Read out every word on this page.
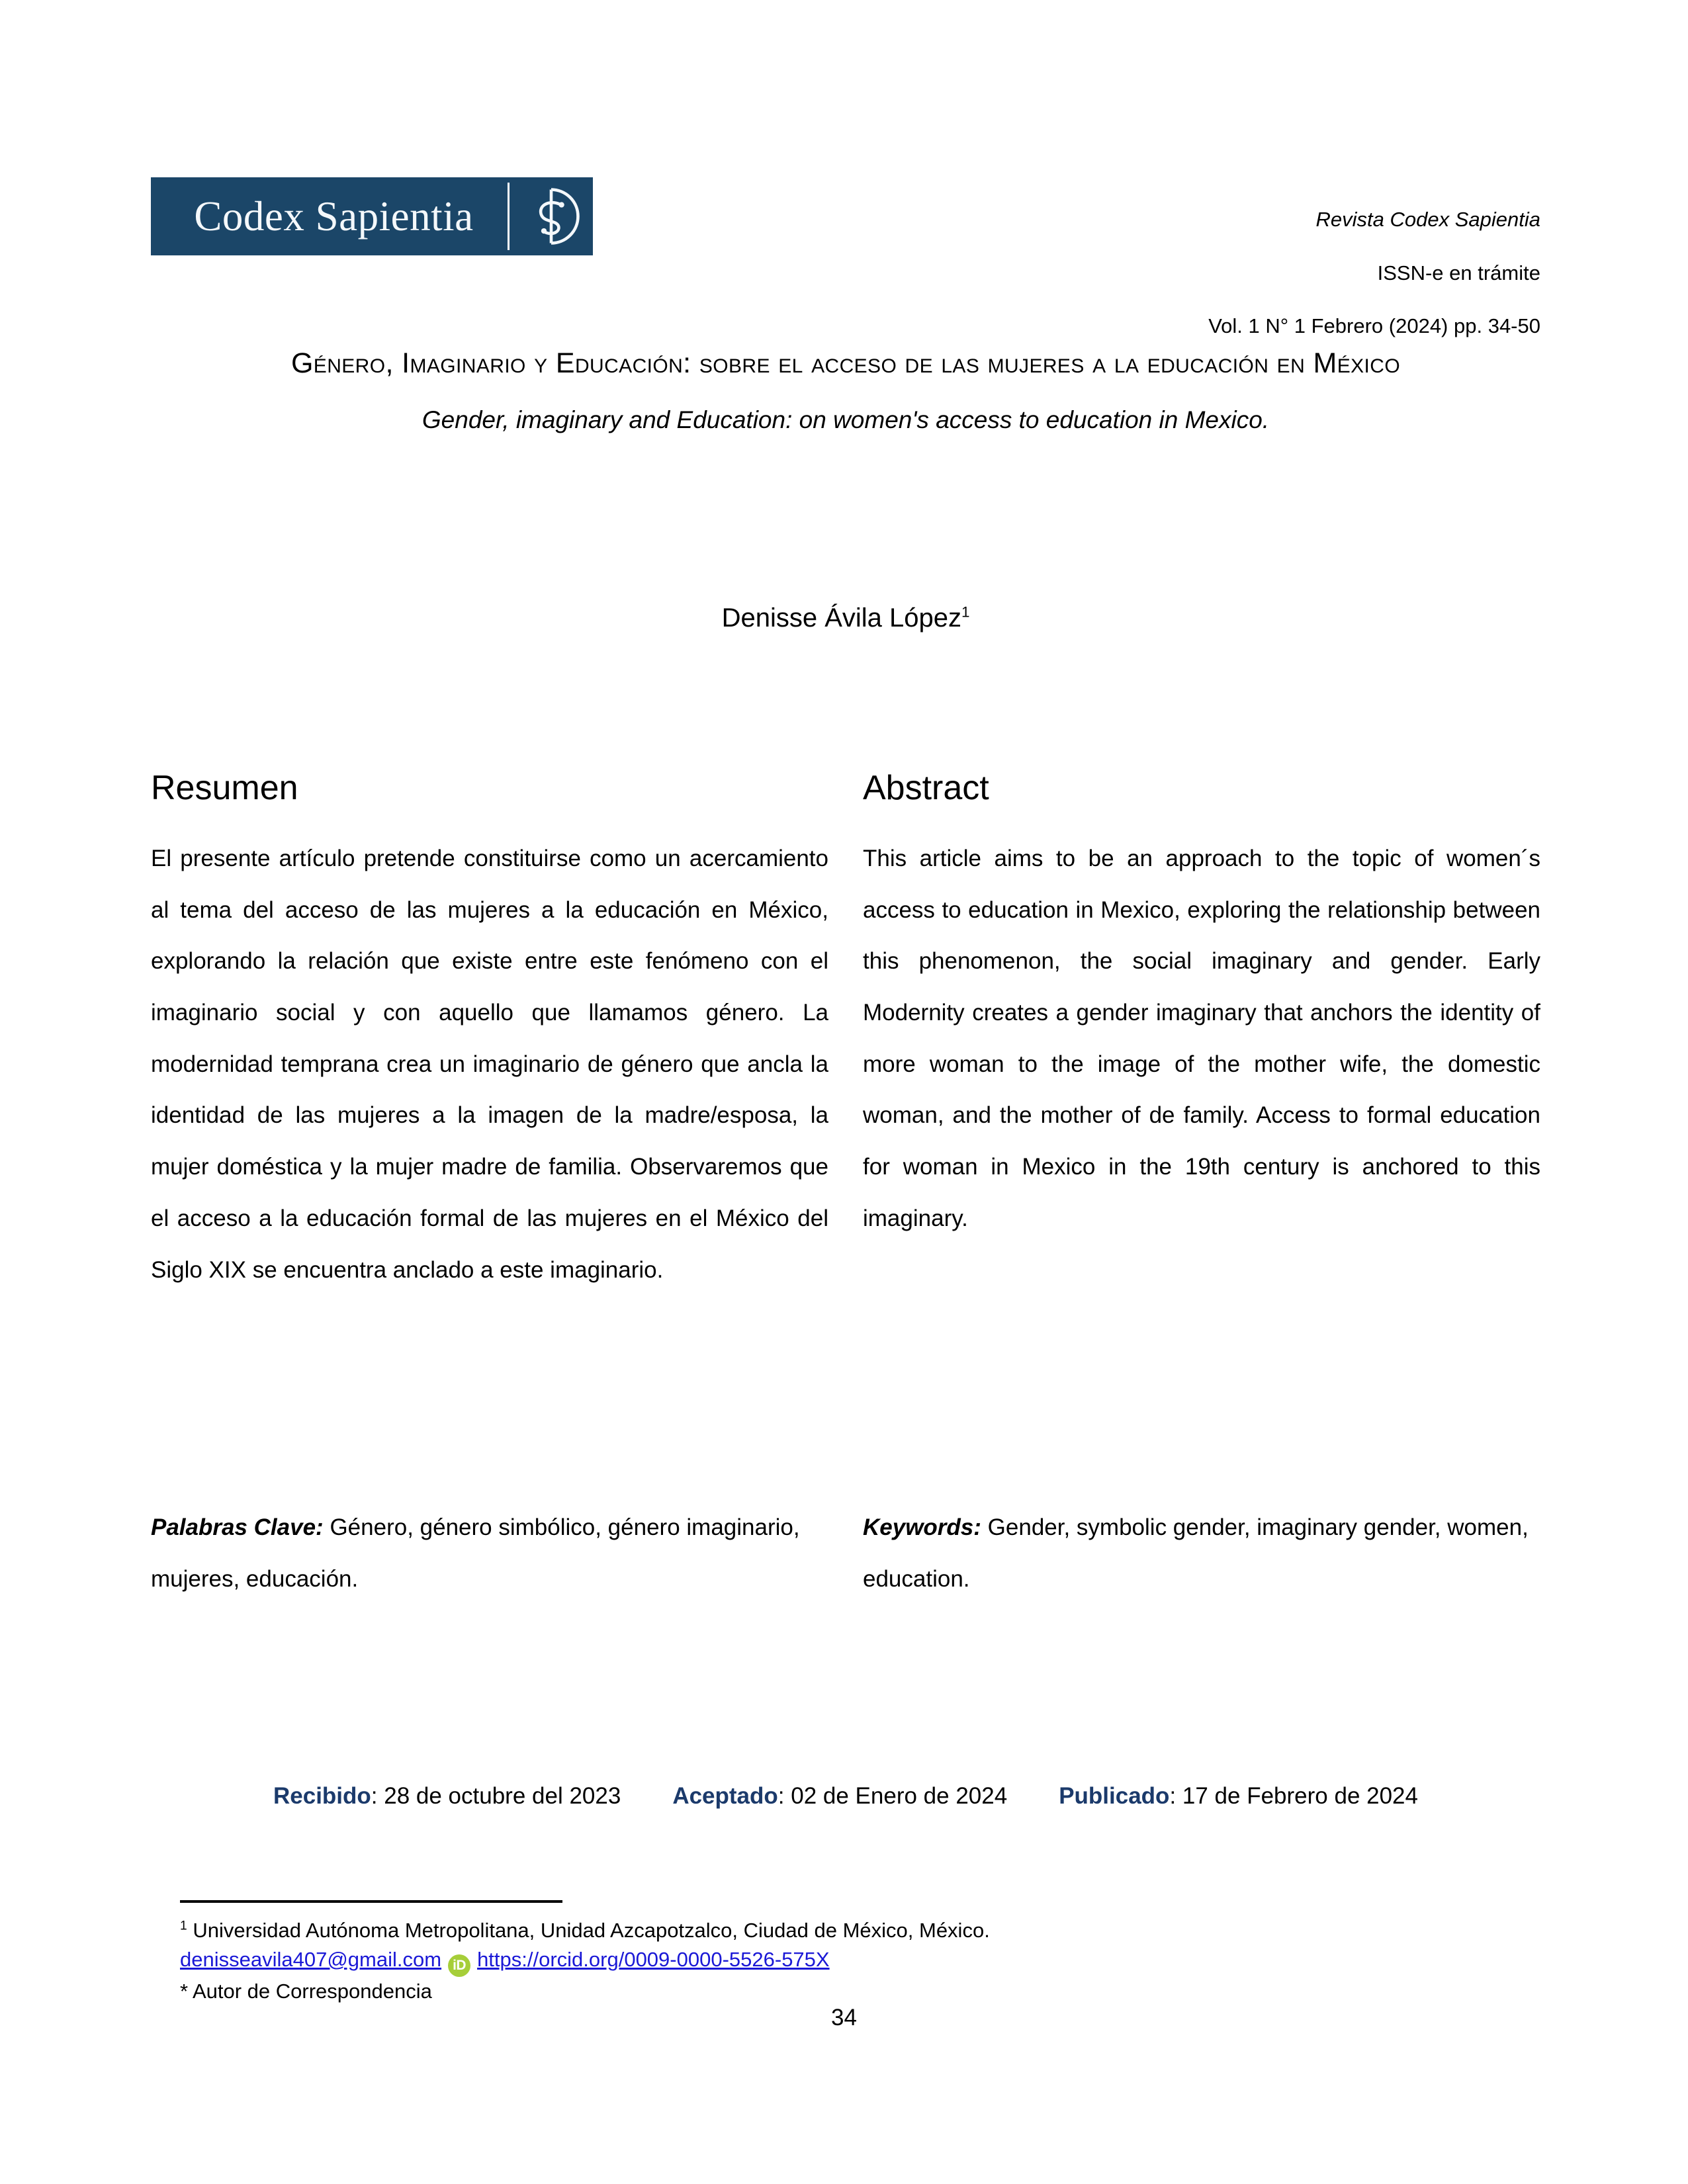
Codex Sapientia	Revista Codex Sapientia

ISSN-e en trámite

Vol. 1 N° 1 Febrero (2024) pp. 34-50

Género, Imaginario y Educación: sobre el acceso de las mujeres a la educación en México
Gender, imaginary and Education: on women's access to education in Mexico.
Denisse Ávila López$^1$
Resumen

El presente artículo pretende constituirse como un acercamiento al tema del acceso de las mujeres a la educación en México, explorando la relación que existe entre este fenómeno con el imaginario social y con aquello que llamamos género. La modernidad temprana crea un imaginario de género que ancla la identidad de las mujeres a la imagen de la madre/esposa, la mujer doméstica y la mujer madre de familia. Observaremos que el acceso a la educación formal de las mujeres en el México del Siglo XIX se encuentra anclado a este imaginario.

Abstract

This article aims to be an approach to the topic of women´s access to education in Mexico, exploring the relationship between this phenomenon, the social imaginary and gender. Early Modernity creates a gender imaginary that anchors the identity of more woman to the image of the mother wife, the domestic woman, and the mother of de family. Access to formal education for woman in Mexico in the 19th century is anchored to this imaginary.

Palabras Clave: Género, género simbólico, género imaginario, mujeres, educación.

Keywords: Gender, symbolic gender, imaginary gender, women, education.

Recibido: 28 de octubre del 2023 Aceptado: 02 de Enero de 2024 Publicado: 17 de Febrero de 2024
$^1$ Universidad Autónoma Metropolitana, Unidad Azcapotzalco, Ciudad de México, México.
denisseavila407@gmail.com iD https://orcid.org/0009-0000-5526-575X
* Autor de Correspondencia
34
